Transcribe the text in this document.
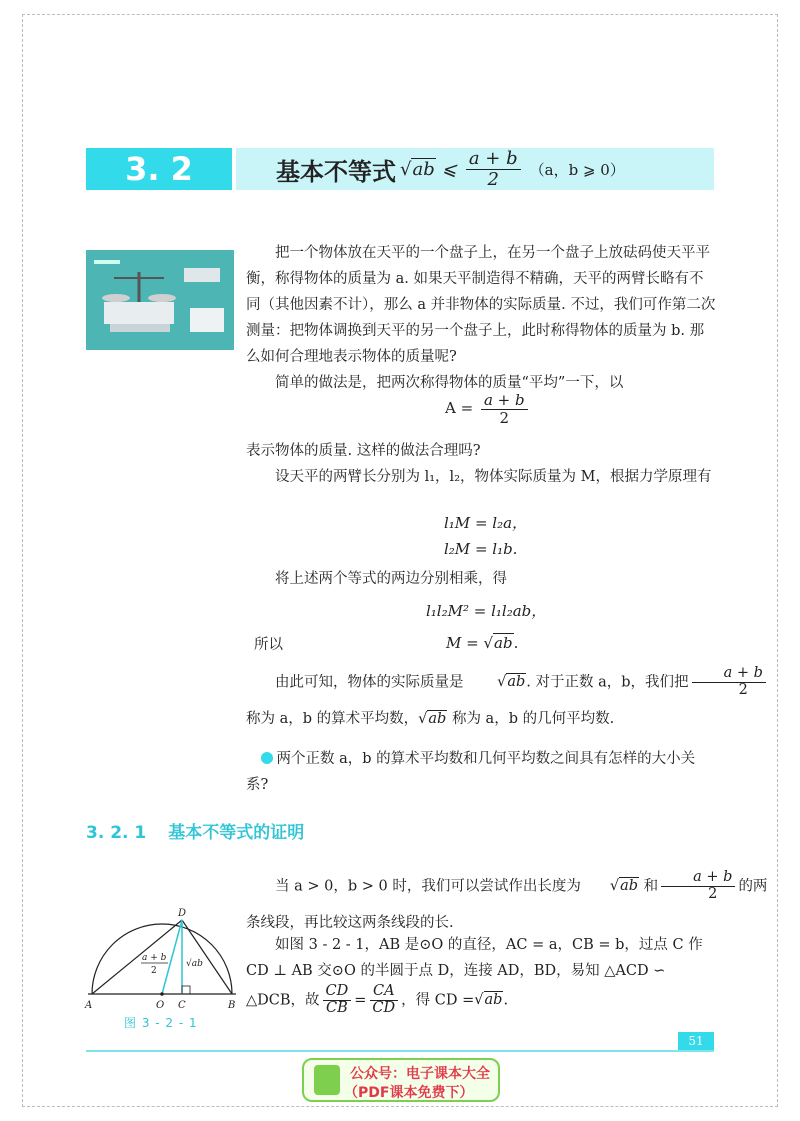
3. 2	基本不等式 √ab ⩽ $\frac{a + b}{2} (a$，b ⩾ 0）
把一个物体放在天平的一个盘子上，在另一个盘子上放砝码使天平平衡，称得物体的质量为 a. 如果天平制造得不精确，天平的两臂长略有不同（其他因素不计），那么 a 并非物体的实际质量. 不过，我们可作第二次测量：把物体调换到天平的另一个盘子上，此时称得物体的质量为 b. 那么如何合理地表示物体的质量呢?
简单的做法是，把两次称得物体的质量“平均”一下，以
$A = \frac{a + b}{2}$
表示物体的质量. 这样的做法合理吗?
设天平的两臂长分别为 l₁，l₂，物体实际质量为 M，根据力学原理有
l₁M = l₂a，
l₂M = l₁b.
将上述两个等式的两边分别相乘，得
l₁l₂M² = l₁l₂ab，
所以	M = √ab.
由此可知，物体的实际质量是 √ab. 对于正数 a，b，我们把 $\frac{a + b}{2}$
称为 a，b 的算术平均数，√ab 称为 a，b 的几何平均数.
两个正数 a，b 的算术平均数和几何平均数之间具有怎样的大小关系?
3. 2. 1 基本不等式的证明
当 a > 0，b > 0 时，我们可以尝试作出长度为 √ab 和 $\frac{a + b}{2}$ 的两
条线段，再比较这两条线段的长.
如图 3 - 2 - 1，AB 是⊙O 的直径，AC = a，CB = b，过点 C 作 CD ⊥ AB 交⊙O 的半圆于点 D，连接 AD，BD，易知 △ACD ∽
△DCB，故 $\frac{CD}{CB} = \frac{CA}{CD}$ ，得 CD =√ab.
A	B
O C
D
a + b
2
√ab
图 3 - 2 - 1
51
公众号：电子课本大全
（PDF课本免费下）
